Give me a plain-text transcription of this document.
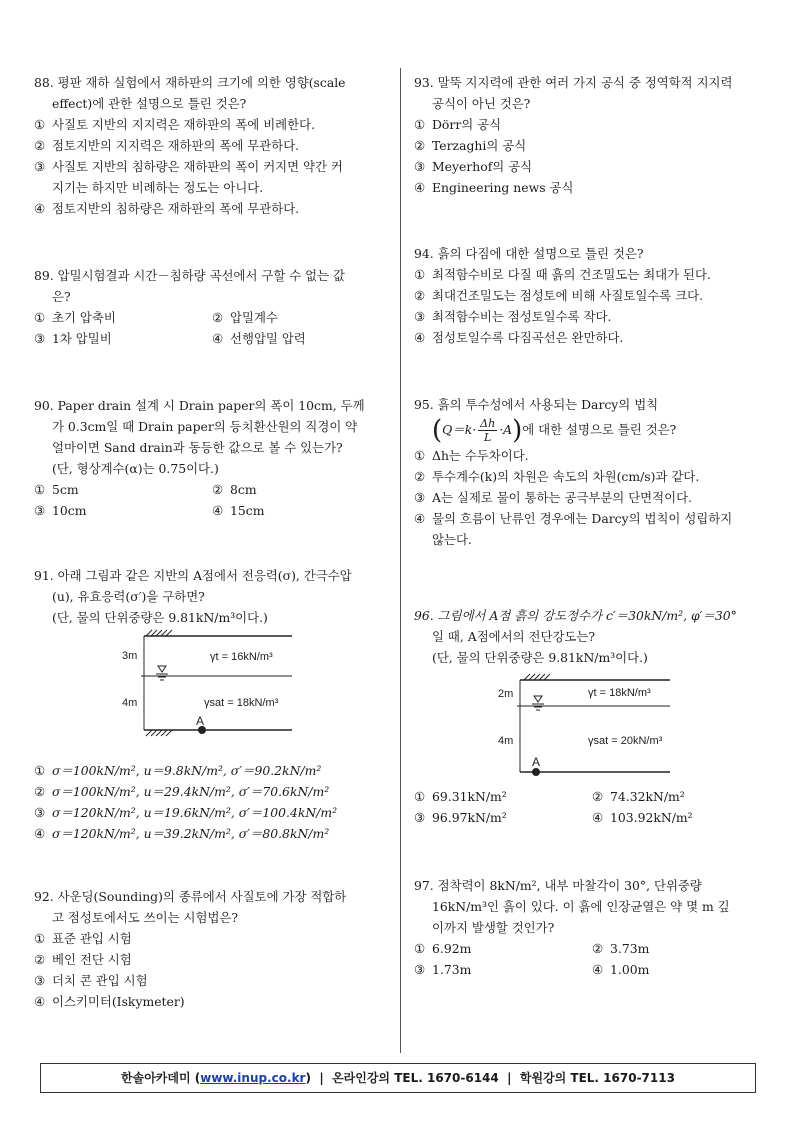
88. 평판 재하 실험에서 재하판의 크기에 의한 영향(scale
effect)에 관한 설명으로 틀린 것은?
① 사질토 지반의 지지력은 재하판의 폭에 비례한다.
② 점토지반의 지지력은 재하판의 폭에 무관하다.
③ 사질토 지반의 침하량은 재하판의 폭이 커지면 약간 커
지기는 하지만 비례하는 정도는 아니다.
④ 점토지반의 침하량은 재하판의 폭에 무관하다.
89. 압밀시험결과 시간－침하량 곡선에서 구할 수 없는 값
은?
① 초기 압축비	② 압밀계수
③ 1차 압밀비	④ 선행압밀 압력
90. Paper drain 설계 시 Drain paper의 폭이 10cm, 두께
가 0.3cm일 때 Drain paper의 등치환산원의 직경이 약
얼마이면 Sand drain과 동등한 값으로 볼 수 있는가?
(단, 형상계수(α)는 0.75이다.)
① 5cm	② 8cm
③ 10cm	④ 15cm
91. 아래 그림과 같은 지반의 A점에서 전응력(σ), 간극수압
(u), 유효응력(σ′)을 구하면?
(단, 물의 단위중량은 9.81kN/m³이다.)
3m
4m
γt = 16kN/m³
γsat = 18kN/m³
A
① σ＝100kN/m², u＝9.8kN/m², σ′＝90.2kN/m²
② σ＝100kN/m², u＝29.4kN/m², σ′＝70.6kN/m²
③ σ＝120kN/m², u＝19.6kN/m², σ′＝100.4kN/m²
④ σ＝120kN/m², u＝39.2kN/m², σ′＝80.8kN/m²
92. 사운딩(Sounding)의 종류에서 사질토에 가장 적합하
고 점성토에서도 쓰이는 시험법은?
① 표준 관입 시험
② 베인 전단 시험
③ 더치 콘 관입 시험
④ 이스키미터(Iskymeter)
93. 말뚝 지지력에 관한 여러 가지 공식 중 정역학적 지지력
공식이 아닌 것은?
① Dörr의 공식
② Terzaghi의 공식
③ Meyerhof의 공식
④ Engineering news 공식
94. 흙의 다짐에 대한 설명으로 틀린 것은?
① 최적함수비로 다질 때 흙의 건조밀도는 최대가 된다.
② 최대건조밀도는 점성토에 비해 사질토일수록 크다.
③ 최적함수비는 점성토일수록 작다.
④ 점성토일수록 다짐곡선은 완만하다.
95. 흙의 투수성에서 사용되는 Darcy의 법칙
$(Q=k\cdot \frac{\Delta h}{L} \cdot A)$에 대한 설명으로 틀린 것은?
① Δh는 수두차이다.
② 투수계수(k)의 차원은 속도의 차원(cm/s)과 같다.
③ A는 실제로 물이 통하는 공극부분의 단면적이다.
④ 물의 흐름이 난류인 경우에는 Darcy의 법칙이 성립하지
않는다.
96. 그림에서 A점 흙의 강도정수가 c′＝30kN/m², φ′＝30°
일 때, A점에서의 전단강도는?
(단, 물의 단위중량은 9.81kN/m³이다.)
2m
4m
γt = 18kN/m³
γsat = 20kN/m³
A
① 69.31kN/m²	② 74.32kN/m²
③ 96.97kN/m²	④ 103.92kN/m²
97. 점착력이 8kN/m², 내부 마찰각이 30°, 단위중량
16kN/m³인 흙이 있다. 이 흙에 인장균열은 약 몇 m 깊
이까지 발생할 것인가?
① 6.92m	② 3.73m
③ 1.73m	④ 1.00m
한솔아카데미 (www.inup.co.kr) | 온라인강의 TEL. 1670-6144 | 학원강의 TEL. 1670-7113
